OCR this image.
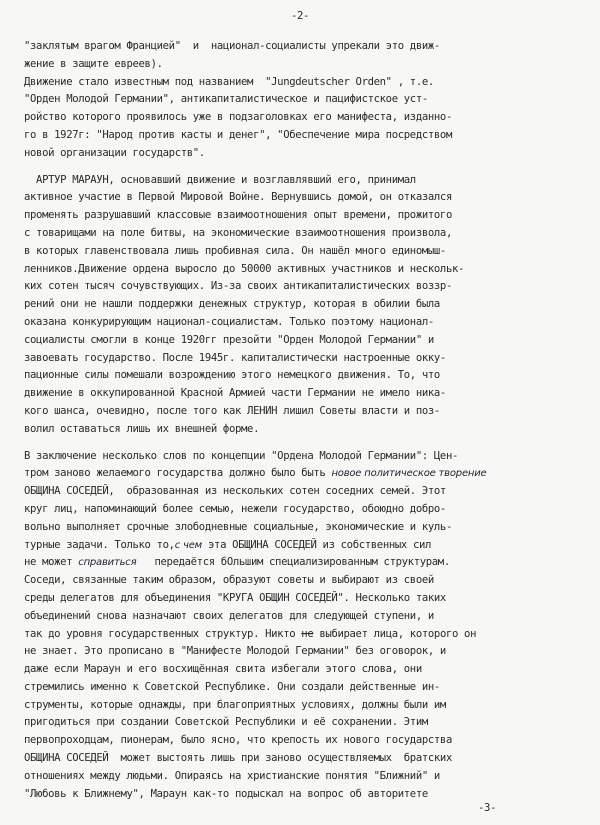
-2-
"заклятым врагом Францией"  и  национал-социалисты упрекали это движ-
жение в защите евреев).
Движение стало известным под названием  "Jungdeutscher Orden" , т.е.
"Орден Молодой Германии", антикапиталистическое и пацифистское уст-
ройство которого проявилось уже в подзаголовках его манифеста, изданно-
го в 1927г: "Народ против касты и денег", "Обеспечение мира посредством
новой организации государств".
АРТУР МАРАУН, основавший движение и возглавлявший его, принимал
активное участие в Первой Мировой Войне. Вернувшись домой, он отказался
променять разрушавший классовые взаимоотношения опыт времени, прожитого
с товарищами на поле битвы, на экономические взаимоотношения произвола,
в которых главенствовала лишь пробивная сила. Он нашёл много единомыш-
ленников.Движение ордена выросло до 50000 активных участников и нескольк-
ких сотен тысяч сочувствующих. Из-за своих антикапиталистических воззр-
рений они не нашли поддержки денежных структур, которая в обилии была
оказана конкурирующим национал-социалистам. Только поэтому национал-
социалисты смогли в конце 1920гг презойти "Орден Молодой Германии" и
завоевать государство. После 1945г. капиталистически настроенные окку-
пационные силы помешали возрождению этого немецкого движения. То, что
движение в оккупированной Красной Армией части Германии не имело ника-
кого шанса, очевидно, после того как ЛЕНИН лишил Советы власти и поз-
волил оставаться лишь их внешней форме.
В заключение несколько слов по концепции "Ордена Молодой Германии": Цен-
тром заново желаемого государства должно было быть новое политическое творение
ОБЩИНА СОСЕДЕЙ,  образованная из нескольких сотен соседних семей. Этот
круг лиц, напоминающий более семью, нежели государство, обоюдно добро-
вольно выполняет срочные злободневные социальные, экономические и куль-
турные задачи. Только то,с чем эта ОБЩИНА СОСЕДЕЙ из собственных сил
не может справиться   передаётся бОльшим специализированным структурам.
Соседи, связанные таким образом, образуют советы и выбирают из своей
среды делегатов для объединения "КРУГА ОБЩИН СОСЕДЕЙ". Несколько таких
объединений снова назначают своих делегатов для следующей ступени, и
так до уровня государственных структур. Никто не выбирает лица, которого он
не знает. Это прописано в "Манифесте Молодой Германии" без оговорок, и
даже если Мараун и его восхищённая свита избегали этого слова, они
стремились именно к Советской Республике. Они создали действенные ин-
струменты, которые однажды, при благоприятных условиях, должны были им
пригодиться при создании Советской Республики и её сохранении. Этим
первопроходцам, пионерам, было ясно, что крепость их нового государства
ОБЩИНА СОСЕДЕЙ  может выстоять лишь при заново осуществляемых  братских
отношениях между людьми. Опираясь на христианские понятия "Ближний" и
"Любовь к Ближнему", Мараун как-то подыскал на вопрос об авторитете
-3-
